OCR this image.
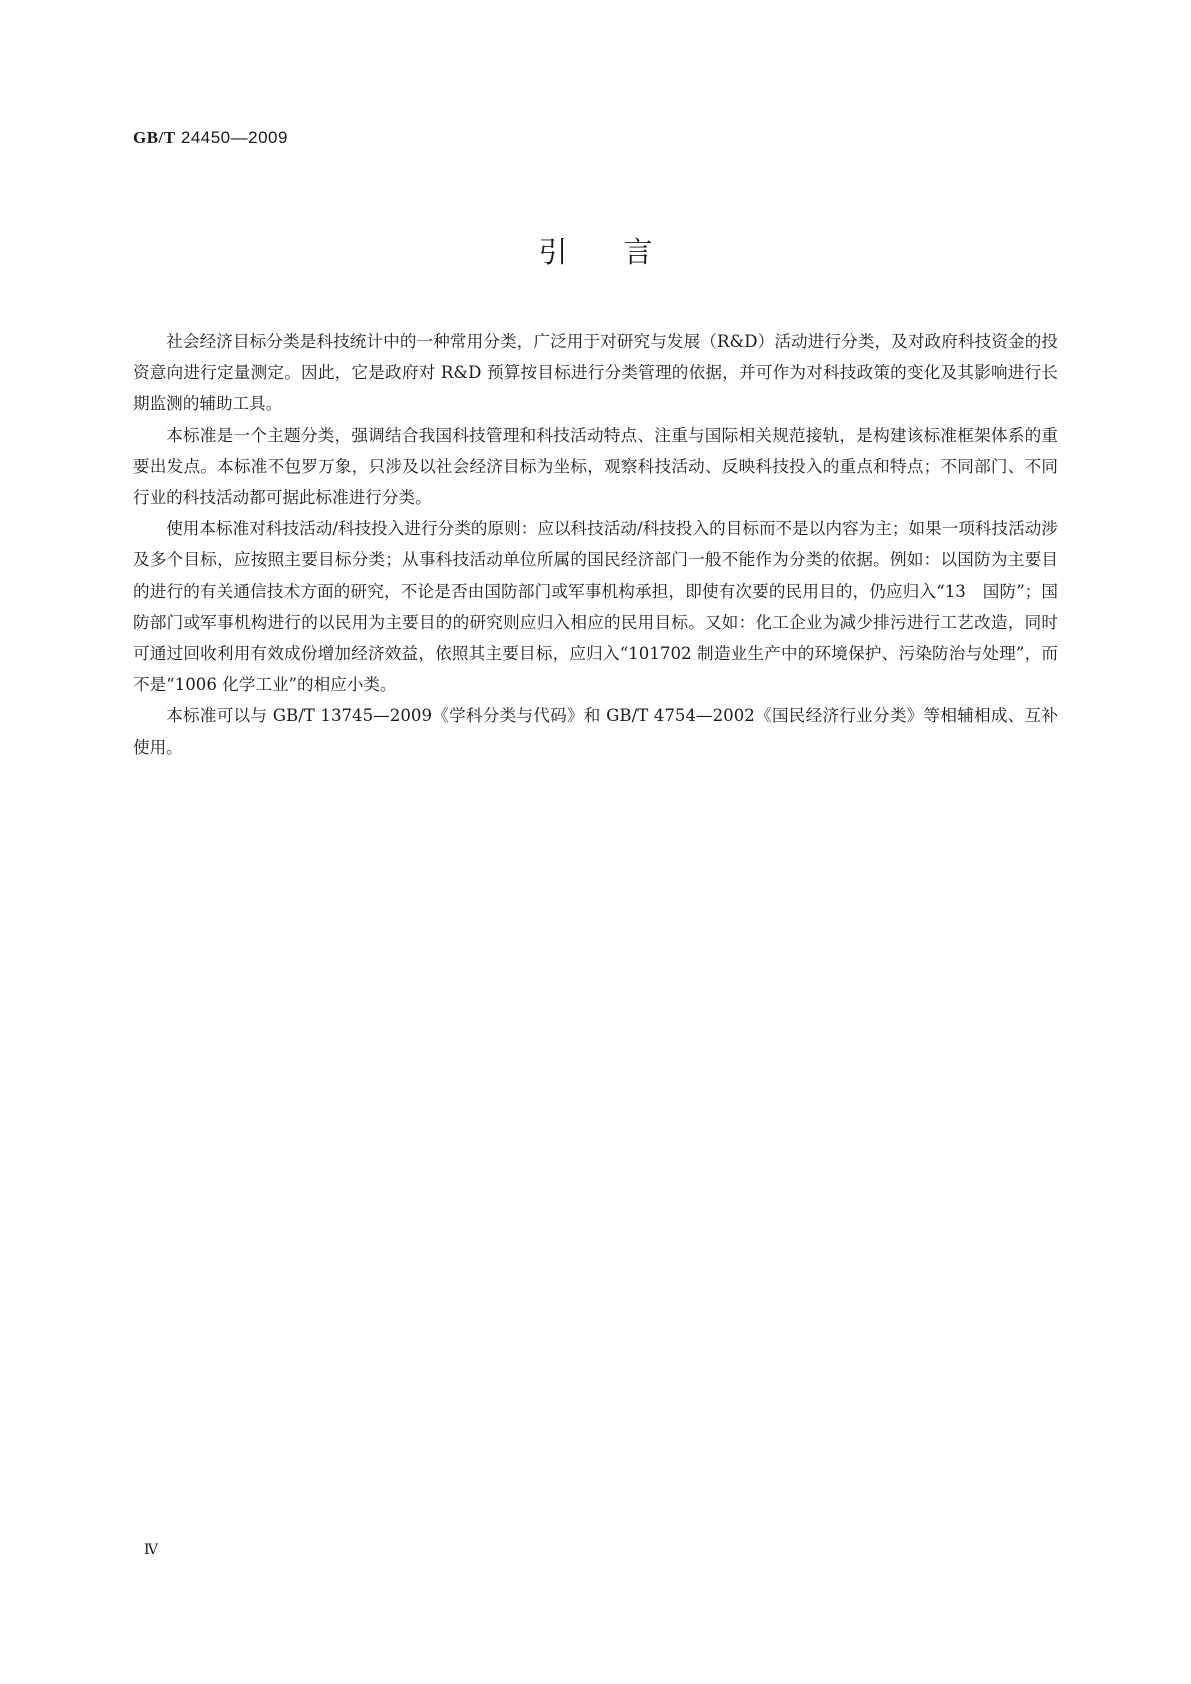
GB/T 24450—2009
引言

社会经济目标分类是科技统计中的一种常用分类，广泛用于对研究与发展（R&D）活动进行分类，及对政府科技资金的投资意向进行定量测定。因此，它是政府对 R&D 预算按目标进行分类管理的依据，并可作为对科技政策的变化及其影响进行长期监测的辅助工具。

本标准是一个主题分类，强调结合我国科技管理和科技活动特点、注重与国际相关规范接轨，是构建该标准框架体系的重要出发点。本标准不包罗万象，只涉及以社会经济目标为坐标，观察科技活动、反映科技投入的重点和特点；不同部门、不同行业的科技活动都可据此标准进行分类。

使用本标准对科技活动/科技投入进行分类的原则：应以科技活动/科技投入的目标而不是以内容为主；如果一项科技活动涉及多个目标，应按照主要目标分类；从事科技活动单位所属的国民经济部门一般不能作为分类的依据。例如：以国防为主要目的进行的有关通信技术方面的研究，不论是否由国防部门或军事机构承担，即使有次要的民用目的，仍应归入“13　国防”；国防部门或军事机构进行的以民用为主要目的的研究则应归入相应的民用目标。又如：化工企业为减少排污进行工艺改造，同时可通过回收利用有效成份增加经济效益，依照其主要目标，应归入“101702 制造业生产中的环境保护、污染防治与处理”，而不是“1006 化学工业”的相应小类。

本标准可以与 GB/T 13745—2009《学科分类与代码》和 GB/T 4754—2002《国民经济行业分类》等相辅相成、互补使用。

Ⅳ
